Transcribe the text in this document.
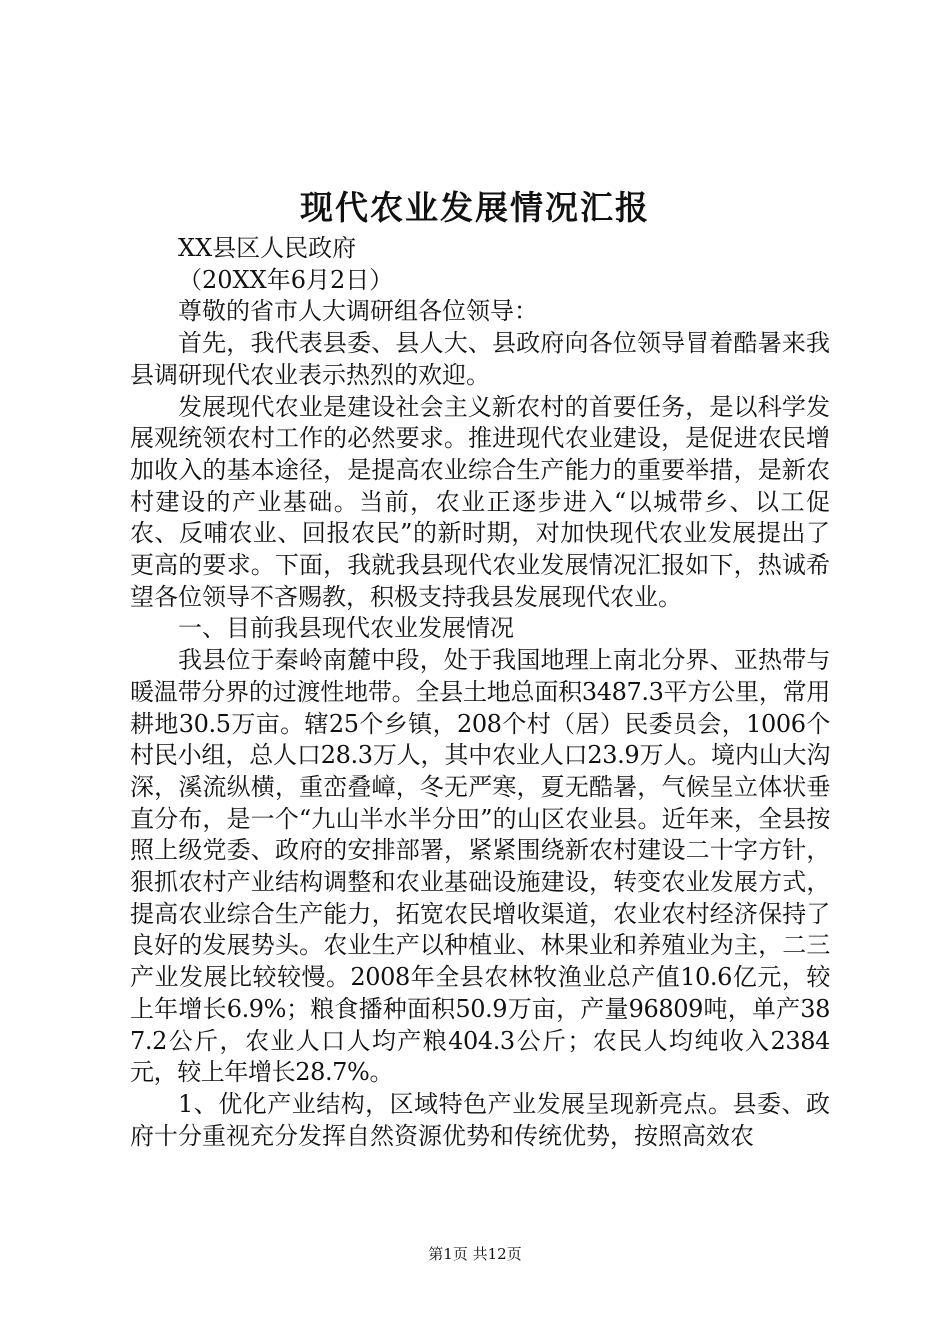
现代农业发展情况汇报

XX县区人民政府

（20XX年6月2日）

尊敬的省市人大调研组各位领导：

首先，我代表县委、县人大、县政府向各位领导冒着酷暑来我县调研现代农业表示热烈的欢迎。

发展现代农业是建设社会主义新农村的首要任务，是以科学发展观统领农村工作的必然要求。推进现代农业建设，是促进农民增加收入的基本途径，是提高农业综合生产能力的重要举措，是新农村建设的产业基础。当前，农业正逐步进入“以城带乡、以工促农、反哺农业、回报农民”的新时期，对加快现代农业发展提出了更高的要求。下面，我就我县现代农业发展情况汇报如下，热诚希望各位领导不吝赐教，积极支持我县发展现代农业。

一、目前我县现代农业发展情况

我县位于秦岭南麓中段，处于我国地理上南北分界、亚热带与暖温带分界的过渡性地带。全县土地总面积3487.3平方公里，常用耕地30.5万亩。辖25个乡镇，208个村（居）民委员会，1006个村民小组，总人口28.3万人，其中农业人口23.9万人。境内山大沟深，溪流纵横，重峦叠嶂，冬无严寒，夏无酷暑，气候呈立体状垂直分布，是一个“九山半水半分田”的山区农业县。近年来，全县按照上级党委、政府的安排部署，紧紧围绕新农村建设二十字方针，狠抓农村产业结构调整和农业基础设施建设，转变农业发展方式，提高农业综合生产能力，拓宽农民增收渠道，农业农村经济保持了良好的发展势头。农业生产以种植业、林果业和养殖业为主，二三产业发展比较较慢。2008年全县农林牧渔业总产值10.6亿元，较上年增长6.9%；粮食播种面积50.9万亩，产量96809吨，单产387.2公斤，农业人口人均产粮404.3公斤；农民人均纯收入2384元，较上年增长28.7%。

1、优化产业结构，区域特色产业发展呈现新亮点。县委、政府十分重视充分发挥自然资源优势和传统优势，按照高效农

第1页 共12页
